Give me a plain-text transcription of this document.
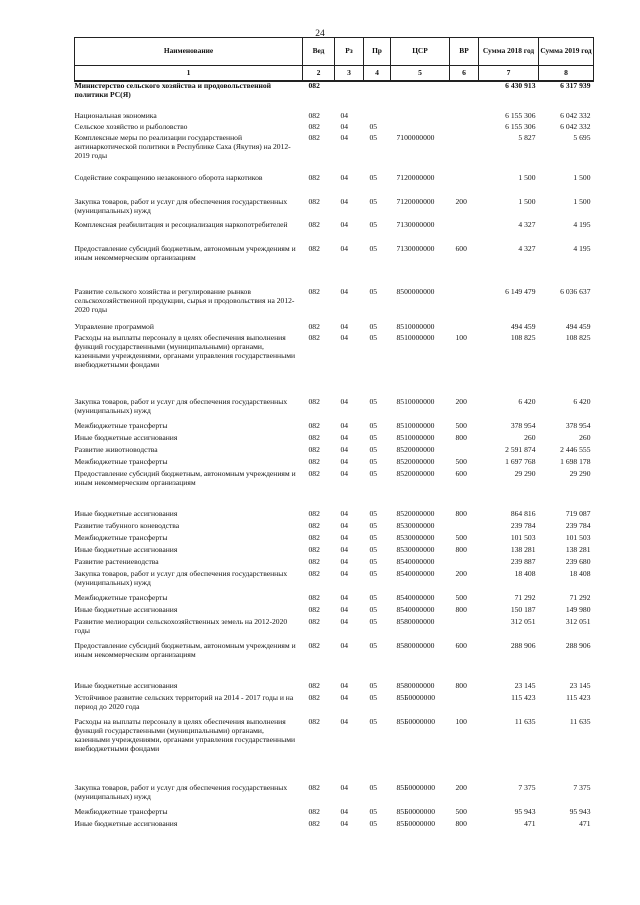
24
Наименование	Вед	Рз	Пр	ЦСР	ВР	Сумма 2018 год	Сумма 2019 год
1	2	3	4	5	6	7	8
Министерство сельского хозяйства и продовольственной политики РС(Я)	082					6 430 913	6 317 939
Национальная экономика	082	04				6 155 306	6 042 332
Сельское хозяйство и рыболовство	082	04	05			6 155 306	6 042 332
Комплексные меры по реализации государственной антинаркотической политики в Республике Саха (Якутия) на 2012-2019 годы	082	04	05	7100000000		5 827	5 695
Содействие сокращению незаконного оборота наркотиков	082	04	05	7120000000		1 500	1 500
Закупка товаров, работ и услуг для обеспечения государственных (муниципальных) нужд	082	04	05	7120000000	200	1 500	1 500
Комплексная реабилитация и ресоциализация наркопотребителей	082	04	05	7130000000		4 327	4 195
Предоставление субсидий бюджетным, автономным учреждениям и иным некоммерческим организациям	082	04	05	7130000000	600	4 327	4 195
Развитие сельского хозяйства и регулирование рынков сельскохозяйственной продукции, сырья и продовольствия на 2012-2020 годы	082	04	05	8500000000		6 149 479	6 036 637
Управление программой	082	04	05	8510000000		494 459	494 459
Расходы на выплаты персоналу в целях обеспечения выполнения функций государственными (муниципальными) органами, казенными учреждениями, органами управления государственными внебюджетными фондами	082	04	05	8510000000	100	108 825	108 825
Закупка товаров, работ и услуг для обеспечения государственных (муниципальных) нужд	082	04	05	8510000000	200	6 420	6 420
Межбюджетные трансферты	082	04	05	8510000000	500	378 954	378 954
Иные бюджетные ассигнования	082	04	05	8510000000	800	260	260
Развитие животноводства	082	04	05	8520000000		2 591 874	2 446 555
Межбюджетные трансферты	082	04	05	8520000000	500	1 697 768	1 698 178
Предоставление субсидий бюджетным, автономным учреждениям и иным некоммерческим организациям	082	04	05	8520000000	600	29 290	29 290
Иные бюджетные ассигнования	082	04	05	8520000000	800	864 816	719 087
Развитие табунного коневодства	082	04	05	8530000000		239 784	239 784
Межбюджетные трансферты	082	04	05	8530000000	500	101 503	101 503
Иные бюджетные ассигнования	082	04	05	8530000000	800	138 281	138 281
Развитие растениеводства	082	04	05	8540000000		239 887	239 680
Закупка товаров, работ и услуг для обеспечения государственных (муниципальных) нужд	082	04	05	8540000000	200	18 408	18 408
Межбюджетные трансферты	082	04	05	8540000000	500	71 292	71 292
Иные бюджетные ассигнования	082	04	05	8540000000	800	150 187	149 980
Развитие мелиорации сельскохозяйственных земель на 2012-2020 годы	082	04	05	8580000000		312 051	312 051
Предоставление субсидий бюджетным, автономным учреждениям и иным некоммерческим организациям	082	04	05	8580000000	600	288 906	288 906
Иные бюджетные ассигнования	082	04	05	8580000000	800	23 145	23 145
Устойчивое развитие сельских территорий на 2014 - 2017 годы и на период до 2020 года	082	04	05	85Б0000000		115 423	115 423
Расходы на выплаты персоналу в целях обеспечения выполнения функций государственными (муниципальными) органами, казенными учреждениями, органами управления государственными внебюджетными фондами	082	04	05	85Б0000000	100	11 635	11 635
Закупка товаров, работ и услуг для обеспечения государственных (муниципальных) нужд	082	04	05	85Б0000000	200	7 375	7 375
Межбюджетные трансферты	082	04	05	85Б0000000	500	95 943	95 943
Иные бюджетные ассигнования	082	04	05	85Б0000000	800	471	471
